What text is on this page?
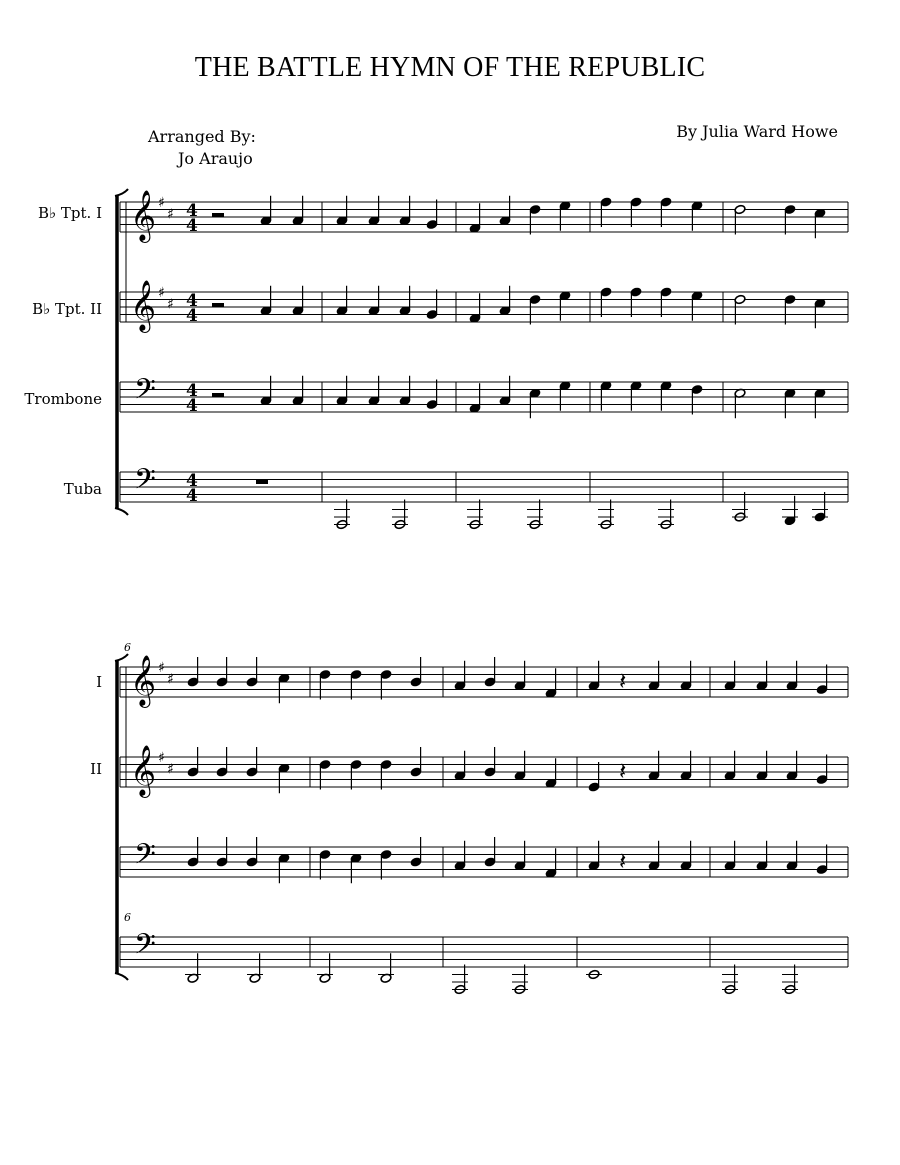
THE BATTLE HYMN OF THE REPUBLIC
Arranged By:
Jo Araujo
By Julia Ward Howe
B♭ Tpt. I
B♭ Tpt. II
Trombone
Tuba
I
II
6
6
𝄞 ♯
♯ 4
4
𝄞 ♯
♯ 4
4
𝄢 4
4
𝄢 4
4
𝄞 ♯
♯	𝄽
𝄞 ♯
♯	𝄽
𝄢	𝄽
𝄢
